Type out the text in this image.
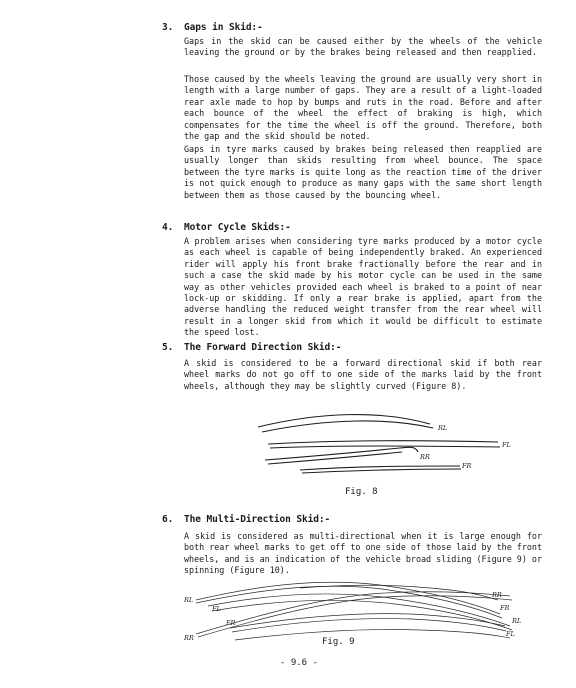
3. Gaps in Skid:-

Gaps in the skid can be caused either by the wheels of the vehicle leaving the ground or by the brakes being released and then reapplied.

Those caused by the wheels leaving the ground are usually very short in length with a large number of gaps. They are a result of a light-loaded rear axle made to hop by bumps and ruts in the road. Before and after each bounce of the wheel the effect of braking is high, which compensates for the time the wheel is off the ground. Therefore, both the gap and the skid should be noted.

Gaps in tyre marks caused by brakes being released then reapplied are usually longer than skids resulting from wheel bounce. The space between the tyre marks is quite long as the reaction time of the driver is not quick enough to produce as many gaps with the same short length between them as those caused by the bouncing wheel.

4. Motor Cycle Skids:-

A problem arises when considering tyre marks produced by a motor cycle as each wheel is capable of being independently braked. An experienced rider will apply his front brake fractionally before the rear and in such a case the skid made by his motor cycle can be used in the same way as other vehicles provided each wheel is braked to a point of near lock-up or skidding. If only a rear brake is applied, apart from the adverse handling the reduced weight transfer from the rear wheel will result in a longer skid from which it would be difficult to estimate the speed lost.

5. The Forward Direction Skid:-

A skid is considered to be a forward directional skid if both rear wheel marks do not go off to one side of the marks laid by the front wheels, although they may be slightly curved (Figure 8).

RL
FL
RR
FR
Fig. 8
6. The Multi-Direction Skid:-

A skid is considered as multi-directional when it is large enough for both rear wheel marks to get off to one side of those laid by the front wheels, and is an indication of the vehicle broad sliding (Figure 9) or spinning (Figure 10).

RL
FL
FR
RR
RR
FR
RL
FL
Fig. 9
- 9.6 -
